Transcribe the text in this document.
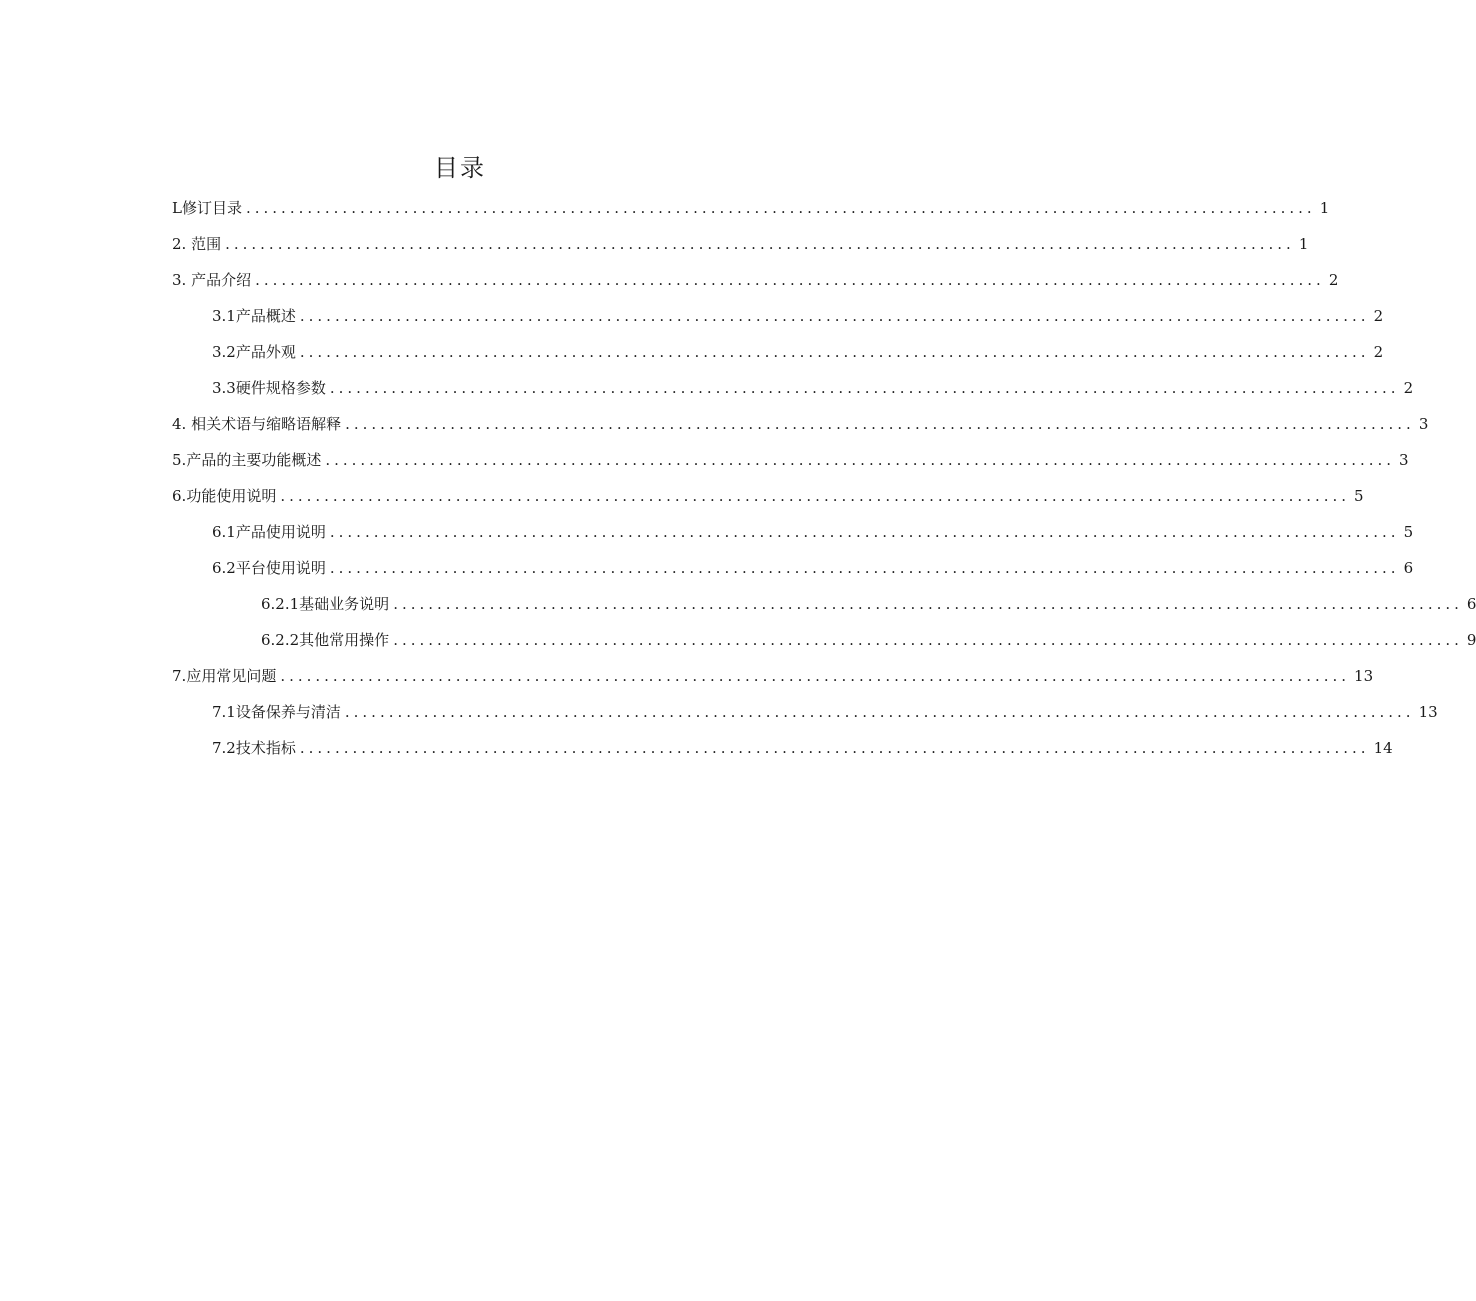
目录
L 修订目录 .......................................................................................................................... 1
2 . 范围 .......................................................................................................................... 1
3 . 产品介绍 .......................................................................................................................... 2
3.1 产品概述 .......................................................................................................................... 2
3.2 产品外观 .......................................................................................................................... 2
3.3 硬件规格参数 .......................................................................................................................... 2
4 . 相关术语与缩略语解释 .......................................................................................................................... 3
5 .产品的主要功能概述 .......................................................................................................................... 3
6 .功能使用说明 .......................................................................................................................... 5
6.1 产品使用说明 .......................................................................................................................... 5
6.2 平台使用说明 .......................................................................................................................... 6
6.2.1 基础业务说明 .......................................................................................................................... 6
6.2.2 其他常用操作 .......................................................................................................................... 9
7 .应用常见问题 .......................................................................................................................... 13
7.1 设备保养与清洁 .......................................................................................................................... 13
7.2 技术指标 .......................................................................................................................... 14
